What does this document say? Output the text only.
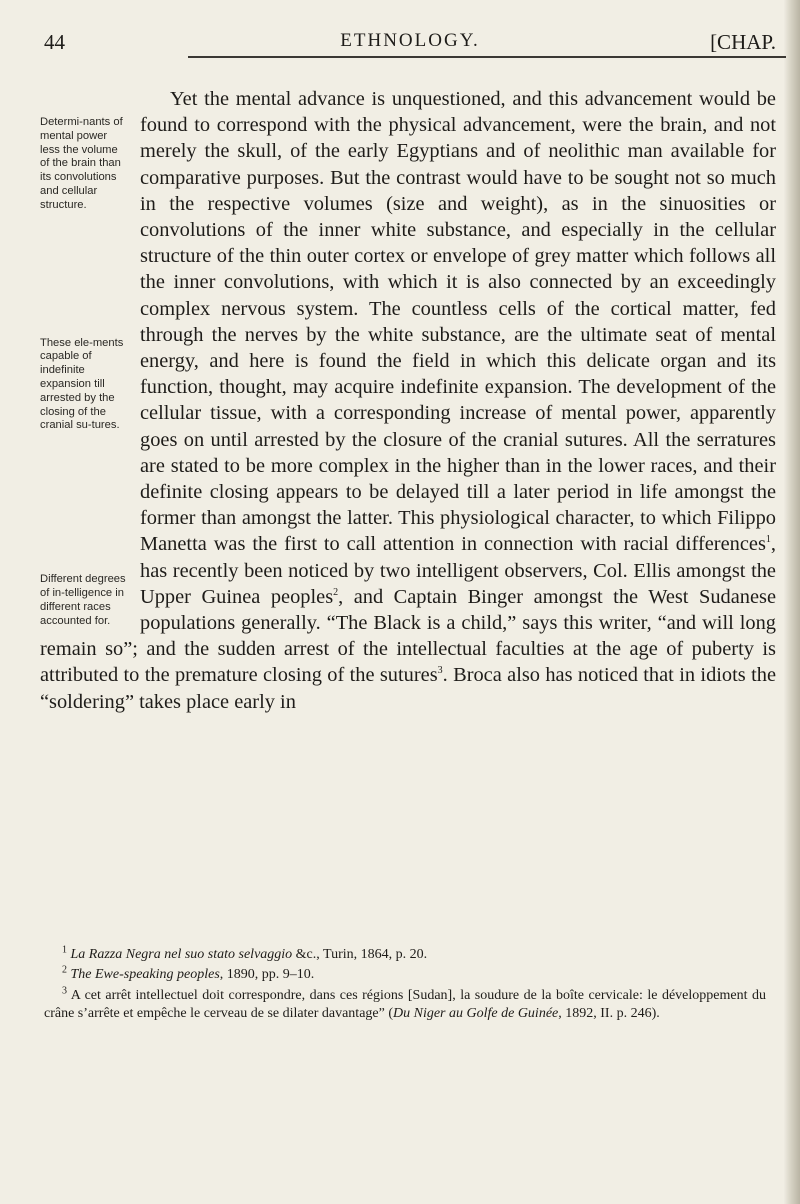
44	ETHNOLOGY.	[CHAP.
Determi-nants of mental power less the volume of the brain than its convolutions and cellular structure.
These ele-ments capable of indefinite expansion till arrested by the closing of the cranial su-tures.
Different degrees of in-telligence in different races accounted for.

Yet the mental advance is unquestioned, and this advancement would be found to correspond with the physical advancement, were the brain, and not merely the skull, of the early Egyptians and of neolithic man available for comparative purposes. But the contrast would have to be sought not so much in the respective volumes (size and weight), as in the sinuosities or convolutions of the inner white substance, and especially in the cellular structure of the thin outer cortex or envelope of grey matter which follows all the inner convolutions, with which it is also connected by an exceedingly complex nervous system. The countless cells of the cortical matter, fed through the nerves by the white substance, are the ultimate seat of mental energy, and here is found the field in which this delicate organ and its function, thought, may acquire indefinite expansion. The development of the cellular tissue, with a corresponding increase of mental power, apparently goes on until arrested by the closure of the cranial sutures. All the serratures are stated to be more complex in the higher than in the lower races, and their definite closing appears to be delayed till a later period in life amongst the former than amongst the latter. This physiological character, to which Filippo Manetta was the first to call attention in connection with racial differences$^1$, has recently been noticed by two intelligent observers, Col. Ellis amongst the Upper Guinea peoples$^2$, and Captain Binger amongst the West Sudanese populations generally. “The Black is a child,” says this writer, “and will long remain so”; and the sudden arrest of the intellectual faculties at the age of puberty is attributed to the premature closing of the sutures$^3$. Broca also has noticed that in idiots the “soldering” takes place early in

$^1$ La Razza Negra nel suo stato selvaggio &c., Turin, 1864, p. 20.

$^2$ The Ewe-speaking peoples, 1890, pp. 9–10.

$^3$ A cet arrêt intellectuel doit correspondre, dans ces régions [Sudan], la soudure de la boîte cervicale: le développement du crâne s’arrête et empêche le cerveau de se dilater davantage” (Du Niger au Golfe de Guinée, 1892, II. p. 246).
